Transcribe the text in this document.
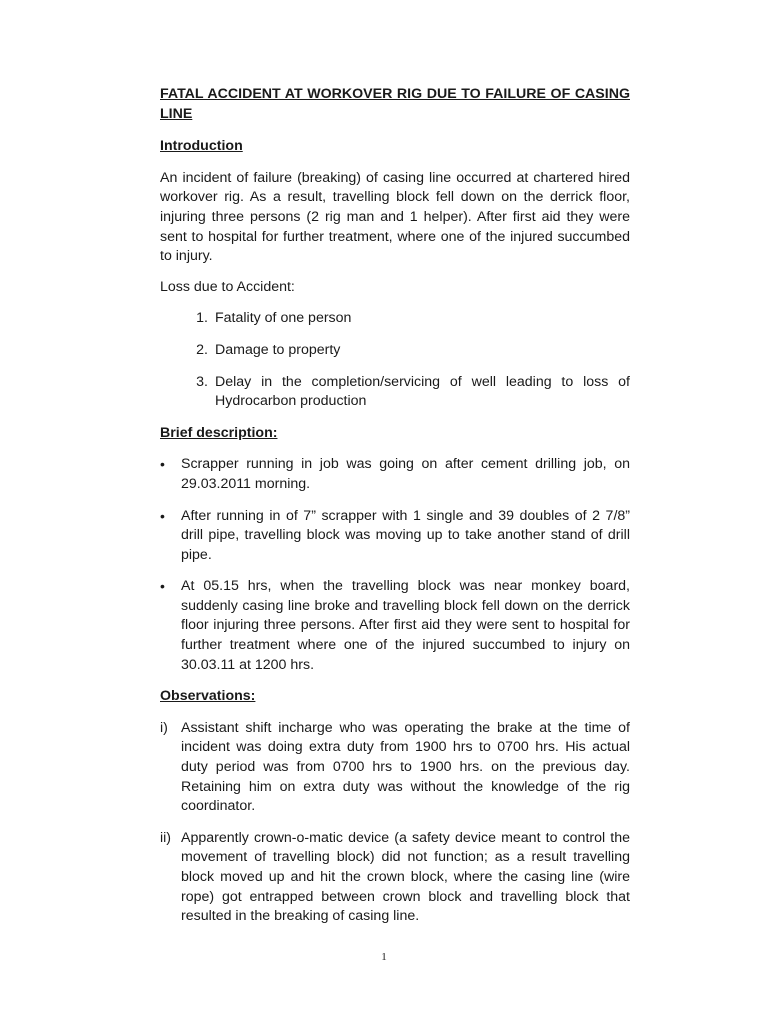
FATAL ACCIDENT AT WORKOVER RIG DUE TO FAILURE OF CASING LINE

Introduction

An incident of failure (breaking) of casing line occurred at chartered hired workover rig. As a result, travelling block fell down on the derrick floor, injuring three persons (2 rig man and 1 helper). After first aid they were sent to hospital for further treatment, where one of the injured succumbed to injury.

Loss due to Accident:

1. Fatality of one person
2. Damage to property
3. Delay in the completion/servicing of well leading to loss of Hydrocarbon production

Brief description:

•	Scrapper running in job was going on after cement drilling job, on 29.03.2011 morning.
•	After running in of 7” scrapper with 1 single and 39 doubles of 2 7/8” drill pipe, travelling block was moving up to take another stand of drill pipe.
•	At 05.15 hrs, when the travelling block was near monkey board, suddenly casing line broke and travelling block fell down on the derrick floor injuring three persons. After first aid they were sent to hospital for further treatment where one of the injured succumbed to injury on 30.03.11 at 1200 hrs.

Observations:

i) Assistant shift incharge who was operating the brake at the time of incident was doing extra duty from 1900 hrs to 0700 hrs. His actual duty period was from 0700 hrs to 1900 hrs. on the previous day. Retaining him on extra duty was without the knowledge of the rig coordinator.
ii) Apparently crown-o-matic device (a safety device meant to control the movement of travelling block) did not function; as a result travelling block moved up and hit the crown block, where the casing line (wire rope) got entrapped between crown block and travelling block that resulted in the breaking of casing line.
1
